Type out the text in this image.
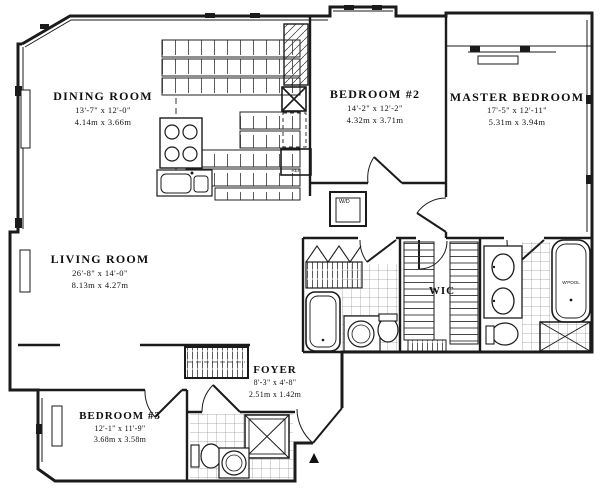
REF
W/D
W'POOL
DINING ROOM
13'-7" x 12'-0"
4.14m x 3.66m
BEDROOM #2
14'-2" x 12'-2"
4.32m x 3.71m
MASTER BEDROOM
17'-5" x 12'-11"
5.31m x 3.94m
LIVING ROOM
26'-8" x 14'-0"
8.13m x 4.27m
BEDROOM #3
12'-1" x 11'-9"
3.68m x 3.58m
FOYER
8'-3" x 4'-8"
2.51m x 1.42m
WIC
▲
